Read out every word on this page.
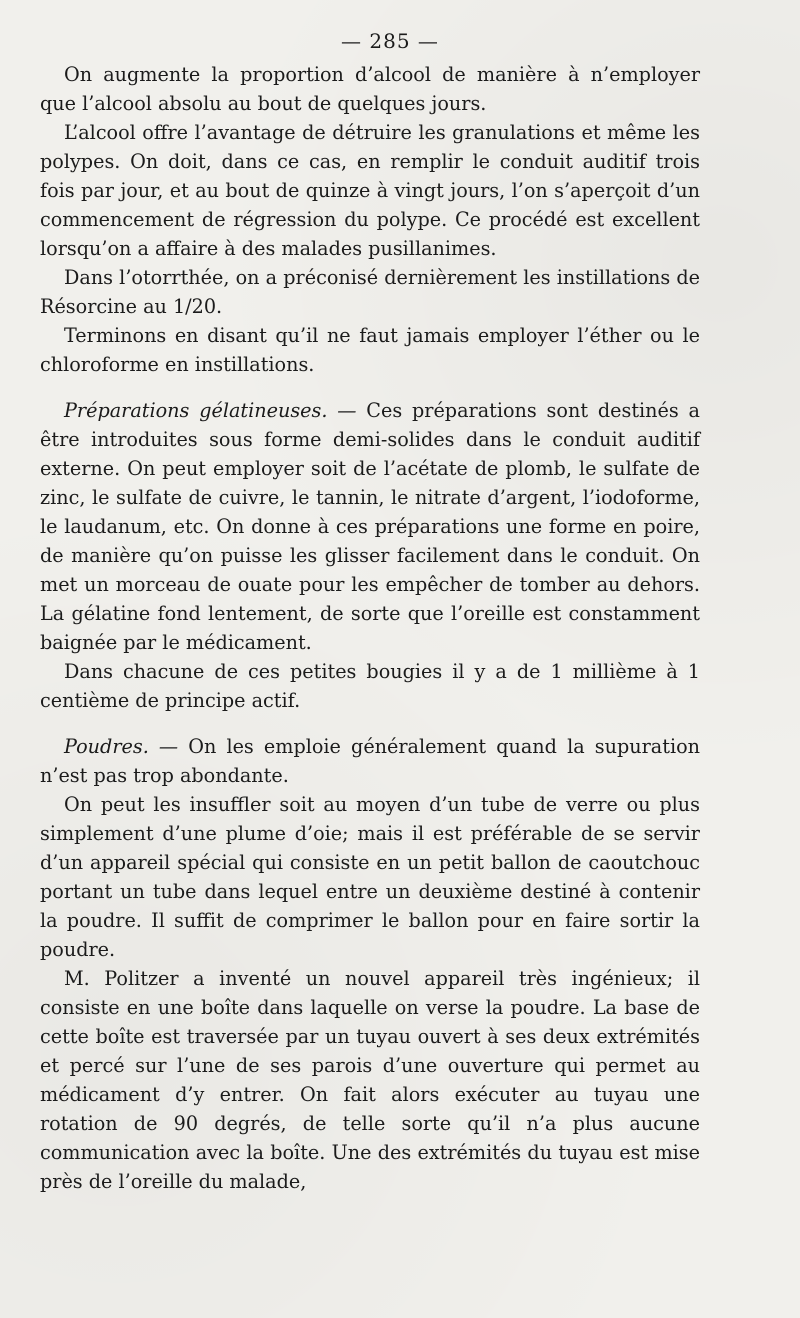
— 285 —

On augmente la proportion d’alcool de manière à n’employer que l’alcool absolu au bout de quelques jours.

L’alcool offre l’avantage de détruire les granulations et même les polypes. On doit, dans ce cas, en remplir le conduit auditif trois fois par jour, et au bout de quinze à vingt jours, l’on s’aperçoit d’un commencement de régression du polype. Ce procédé est excellent lorsqu’on a affaire à des malades pusillanimes.

Dans l’otorrthée, on a préconisé dernièrement les instillations de Résorcine au 1/20.

Terminons en disant qu’il ne faut jamais employer l’éther ou le chloroforme en instillations.

Préparations gélatineuses. — Ces préparations sont destinés a être introduites sous forme demi-solides dans le conduit auditif externe. On peut employer soit de l’acétate de plomb, le sulfate de zinc, le sulfate de cuivre, le tannin, le nitrate d’argent, l’iodoforme, le laudanum, etc. On donne à ces préparations une forme en poire, de manière qu’on puisse les glisser facilement dans le conduit. On met un morceau de ouate pour les empêcher de tomber au dehors. La gélatine fond lentement, de sorte que l’oreille est constamment baignée par le médicament.

Dans chacune de ces petites bougies il y a de 1 millième à 1 centième de principe actif.

Poudres. — On les emploie généralement quand la supuration n’est pas trop abondante.

On peut les insuffler soit au moyen d’un tube de verre ou plus simplement d’une plume d’oie; mais il est préférable de se servir d’un appareil spécial qui consiste en un petit ballon de caoutchouc portant un tube dans lequel entre un deuxième destiné à contenir la poudre. Il suffit de comprimer le ballon pour en faire sortir la poudre.

M. Politzer a inventé un nouvel appareil très ingénieux; il consiste en une boîte dans laquelle on verse la poudre. La base de cette boîte est traversée par un tuyau ouvert à ses deux extrémités et percé sur l’une de ses parois d’une ouverture qui permet au médicament d’y entrer. On fait alors exécuter au tuyau une rotation de 90 degrés, de telle sorte qu’il n’a plus aucune communication avec la boîte. Une des extrémités du tuyau est mise près de l’oreille du malade,
